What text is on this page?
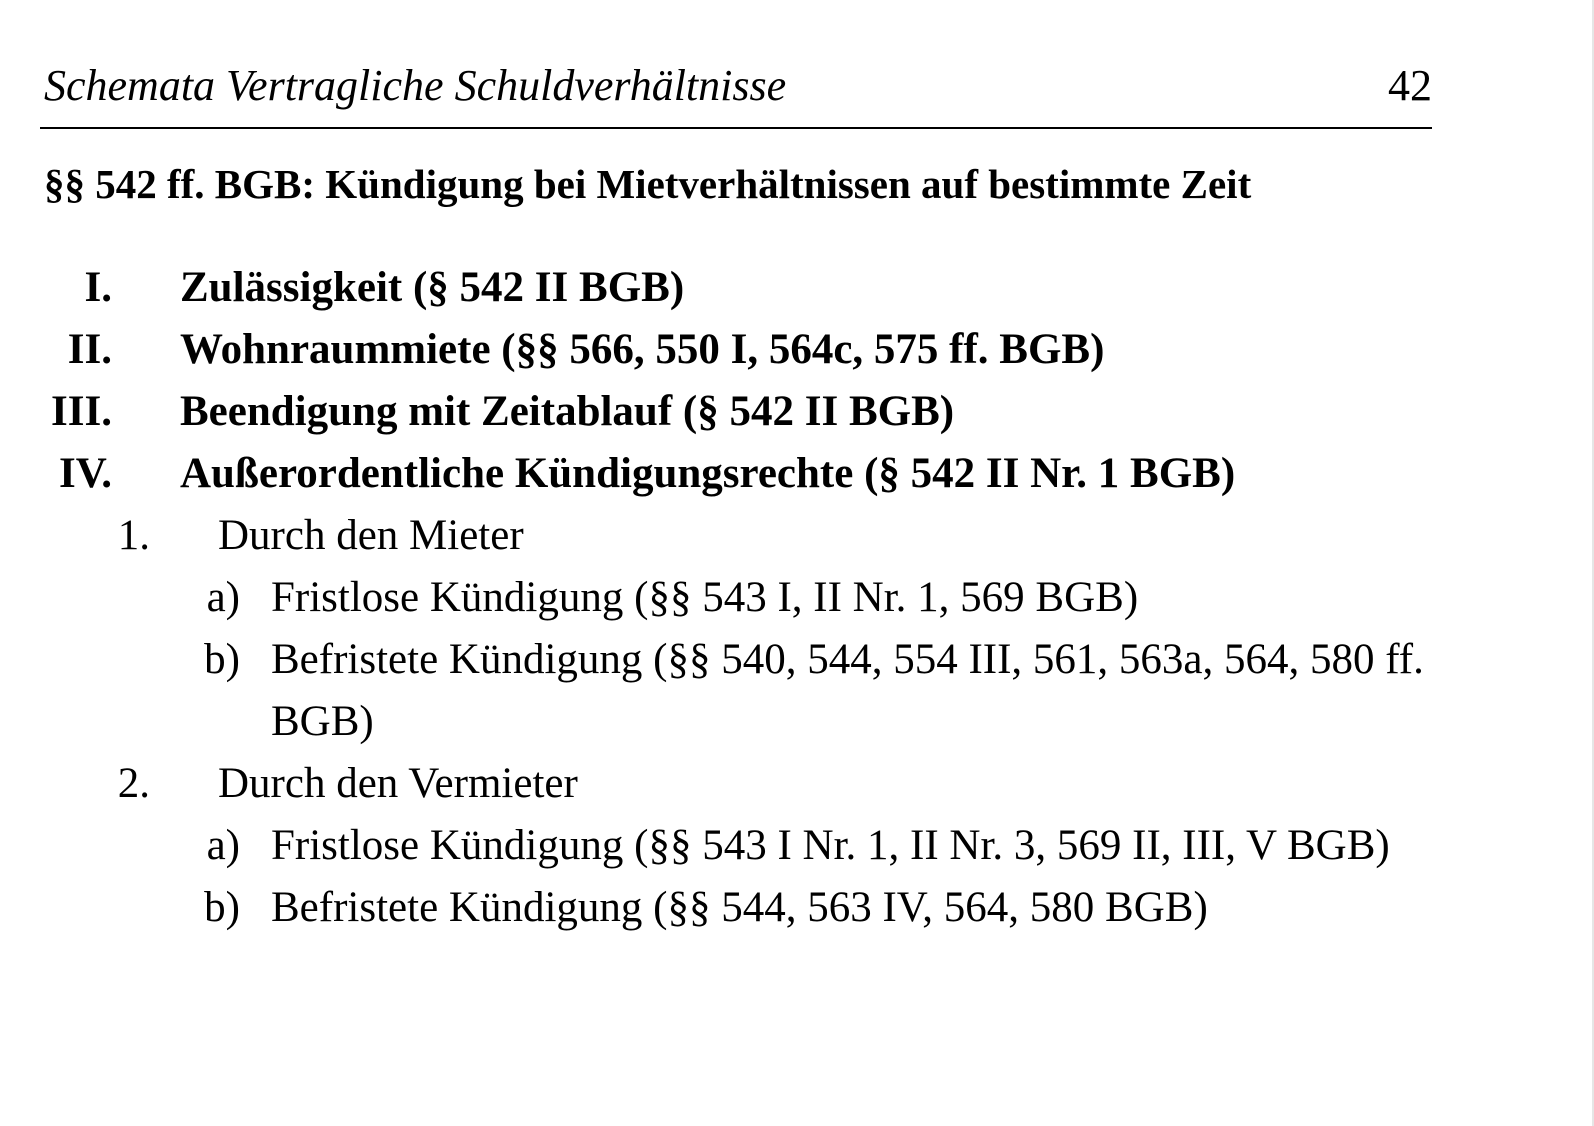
Schemata Vertragliche Schuldverhältnisse	42
§§ 542 ff. BGB: Kündigung bei Mietverhältnissen auf bestimmte Zeit
I. Zulässigkeit (§ 542 II BGB)
II. Wohnraummiete (§§ 566, 550 I, 564c, 575 ff. BGB)
III. Beendigung mit Zeitablauf (§ 542 II BGB)
IV. Außerordentliche Kündigungsrechte (§ 542 II Nr. 1 BGB)
1. Durch den Mieter
a) Fristlose Kündigung (§§ 543 I, II Nr. 1, 569 BGB)
b) Befristete Kündigung (§§ 540, 544, 554 III, 561, 563a, 564, 580 ff.
BGB)
2. Durch den Vermieter
a) Fristlose Kündigung (§§ 543 I Nr. 1, II Nr. 3, 569 II, III, V BGB)
b) Befristete Kündigung (§§ 544, 563 IV, 564, 580 BGB)
